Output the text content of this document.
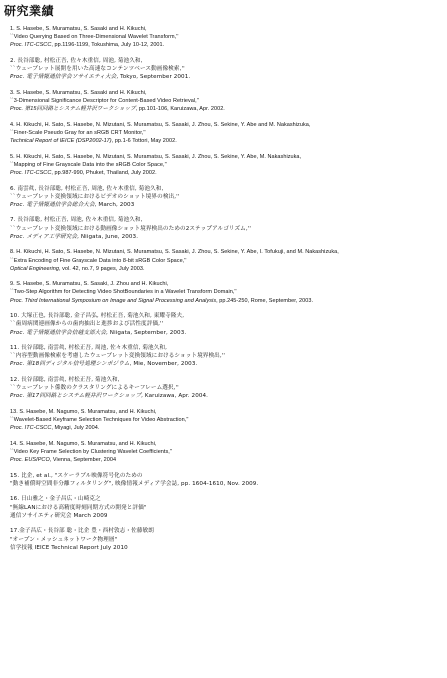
研究業績
1. S. Hasebe, S. Muramatsu, S. Sasaki and H. Kikuchi,
``Video Querying Based on Three-Dimensional Wavelet Transform,''
Proc. ITC-CSCC, pp.1196-1199, Tokushima, July 10-12, 2001.
2. 長谷部聡, 村松正吾, 佐々木重信, 周池, 菊池久和,
``ウェーブレット展開を用いた高速なコンテンツベース動画像検索,''
Proc. 電子情報通信学会ソサイエティ大会, Tokyo, September 2001.
3. S. Hasebe, S. Muramatsu, S. Sasaki and H. Kikuchi,
``3-Dimensional Significance Descriptor for Content-Based Video Retrieval,''
Proc. 第15回回路とシステム軽井沢ワークショップ, pp.101-106, Karuizawa, Apr. 2002.
4. H. Kikuchi, H. Sato, S. Hasebe, N. Mizutani, S. Muramatsu, S. Sasaki, J. Zhou, S. Sekine, Y. Abe and M. Nakashizuka,
``Finer-Scale Pseudo Gray for an sRGB CRT Monitor,''
Technical Report of IEICE (DSP2002-17), pp.1-6 Tottori, May 2002.
5. H. Kikuchi, H. Sato, S. Hasebe, N. Mizutani, S. Muramatsu, S. Sasaki, J. Zhou, S. Sekine, Y. Abe, M. Nakashizuka,
``Mapping of Fine Grayscale Data into the sRGB Color Space,''
Proc. ITC-CSCC, pp.987-990, Phuket, Thailand, July 2002.
6. 南雲眞, 長谷部聡, 村松正吾, 周池, 佐々木重信, 菊池久和,
``ウェーブレット変換領域におけるビデオのショット境界の検出,''
Proc. 電子情報通信学会総合大会, March, 2003
7. 長谷部聡, 村松正吾, 周池, 佐々木重信, 菊池久和,
``ウェーブレット変換領域における動画像ショット境界検出のための2ステップアルゴリズム,''
Proc. メディア工学研究会, Niigata, June, 2003.
8. H. Kikuchi, H. Sato, S. Hasebe, N. Mizutani, S. Muramatsu, S. Sasaki, J. Zhou, S. Sekine, Y. Abe, I. Tofukuji, and M. Nakashizuka,
``Extra Encoding of Fine Grayscale Data into 8-bit sRGB Color Space,''
Optical Engineering, vol. 42, no.7, 9 pages, July 2003.
9. S. Hasebe, S. Muramatsu, S. Sasaki, J. Zhou and H. Kikuchi,
``Two-Step Algorithm for Detecting Video ShotBoundaries in a Wavelet Transform Domain,''
Proc. Third International Symposium on Image and Signal Processing and Analysis, pp.245-250, Rome, September, 2003.
10. 大塚正也, 長谷部聡, 金子昌弘, 村松正吾, 菊池久和, 東耀寺隆夫,
``歯周病関連画像からの歯肉抽出と進捗および活性度評価,''
Proc. 電子情報通信学会信越支部大会, Niigata, September, 2003.
11. 長谷部聡, 南雲眞, 村松正吾, 周池, 佐々木重信, 菊池久和,
``内容型動画像検索を考慮したウェーブレット変換領域におけるショット境界検出,''
Proc. 第18回ディジタル信号処理シンポジウム, Mie, November, 2003.
12. 長谷部聡, 南雲眞, 村松正吾, 菊池久和,
``ウェーブレット係数のクラスタリングによるキーフレーム選択,''
Proc. 第17回回路とシステム軽井沢ワークショップ, Karuizawa, Apr. 2004.
13. S. Hasebe, M. Nagumo, S. Muramatsu, and H. Kikuchi,
``Wavelet-Based Keyframe Selection Techniques for Video Abstraction,''
Proc. ITC-CSCC, Miyagi, July 2004.
14. S. Hasebe, M. Nagumo, S. Muramatsu, and H. Kikuchi,
``Video Key Frame Selection by Clustering Wavelet Coefficients,''
Proc. EUSIPCO, Vienna, September, 2004
15. 比企, et al., "スケーラブル映像符号化のための
"動き補償時空間非分離フィルタリング", 映像情報メディア学会誌, pp. 1604-1610, Nov. 2009.
16. 日山雅之・金子昌広・山崎克之
"無線LANにおける高精度時刻同期方式の開発と評価"
通信ソサイエティ研究会 March 2009
17.金子昌広・長谷部 聡・比企 豊・西村敦志・佐藤敏朗
"オープン・メッシュネットワーク物理層"
信学技報 IEICE Technical Report July 2010
